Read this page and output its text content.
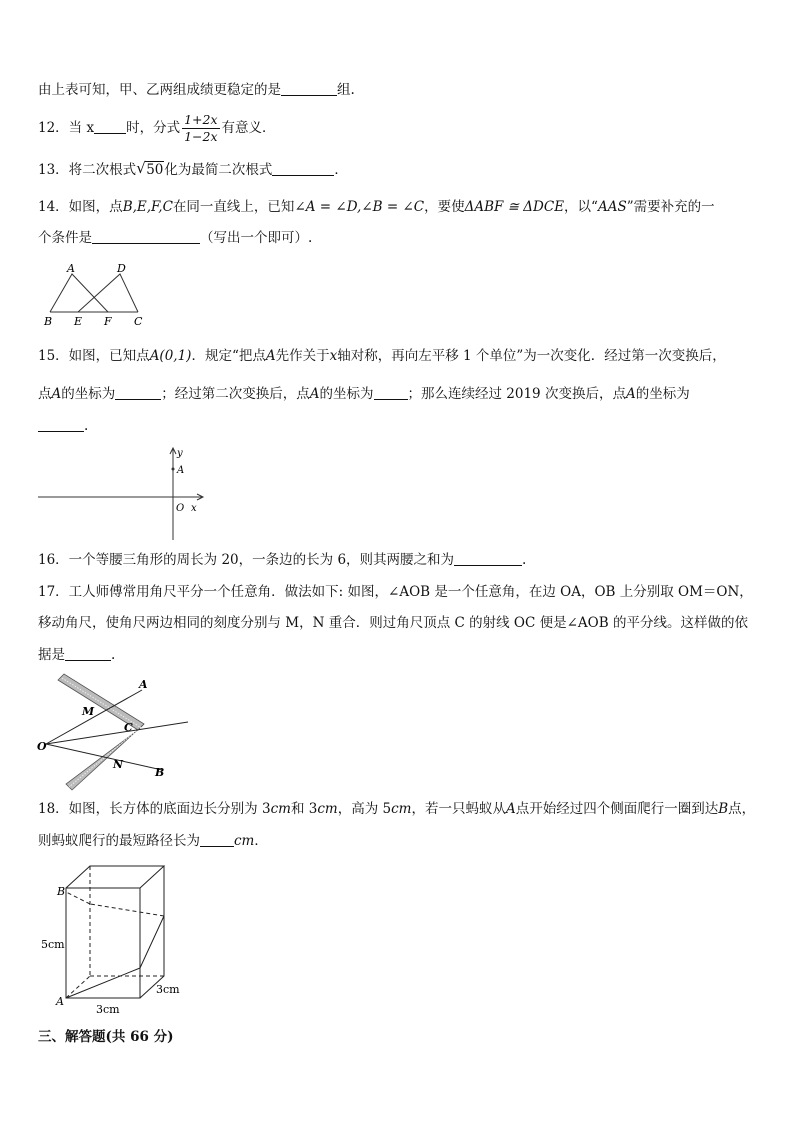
由上表可知，甲、乙两组成绩更稳定的是	组.
12．当 x 时，分式 $\frac{1+2x}{1-2x}$ 有意义．
13．将二次根式 √ 50化为最简二次根式	．
14．如图，点B,E,F,C在同一直线上，已知∠A = ∠D,∠B = ∠C，要使ΔABF ≅ ΔDCE，以“AAS”需要补充的一
个条件是	（写出一个即可）.
A	D
B E F C
15．如图，已知点A(0,1)．规定“把点A先作关于x轴对称，再向左平移 1 个单位”为一次变化．经过第一次变换后，
点A的坐标为	；经过第二次变换后，点A的坐标为	；那么连续经过 2019 次变换后，点A的坐标为
.
y
A
O x
16．一个等腰三角形的周长为 20，一条边的长为 6，则其两腰之和为	.
17．工人师傅常用角尺平分一个任意角．做法如下: 如图，∠AOB 是一个任意角，在边 OA，OB 上分别取 OM＝ON，
移动角尺，使角尺两边相同的刻度分别与 M，N 重合．则过角尺顶点 C 的射线 OC 便是∠AOB 的平分线。这样做的依
据是	.
A
M
C
O
N
B
18．如图，长方体的底面边长分别为 3cm和 3cm，高为 5cm，若一只蚂蚁从A点开始经过四个侧面爬行一圈到达B点，
则蚂蚁爬行的最短路径长为	cm．
B
5cm
A
3cm
3cm
三、解答题(共 66 分)
